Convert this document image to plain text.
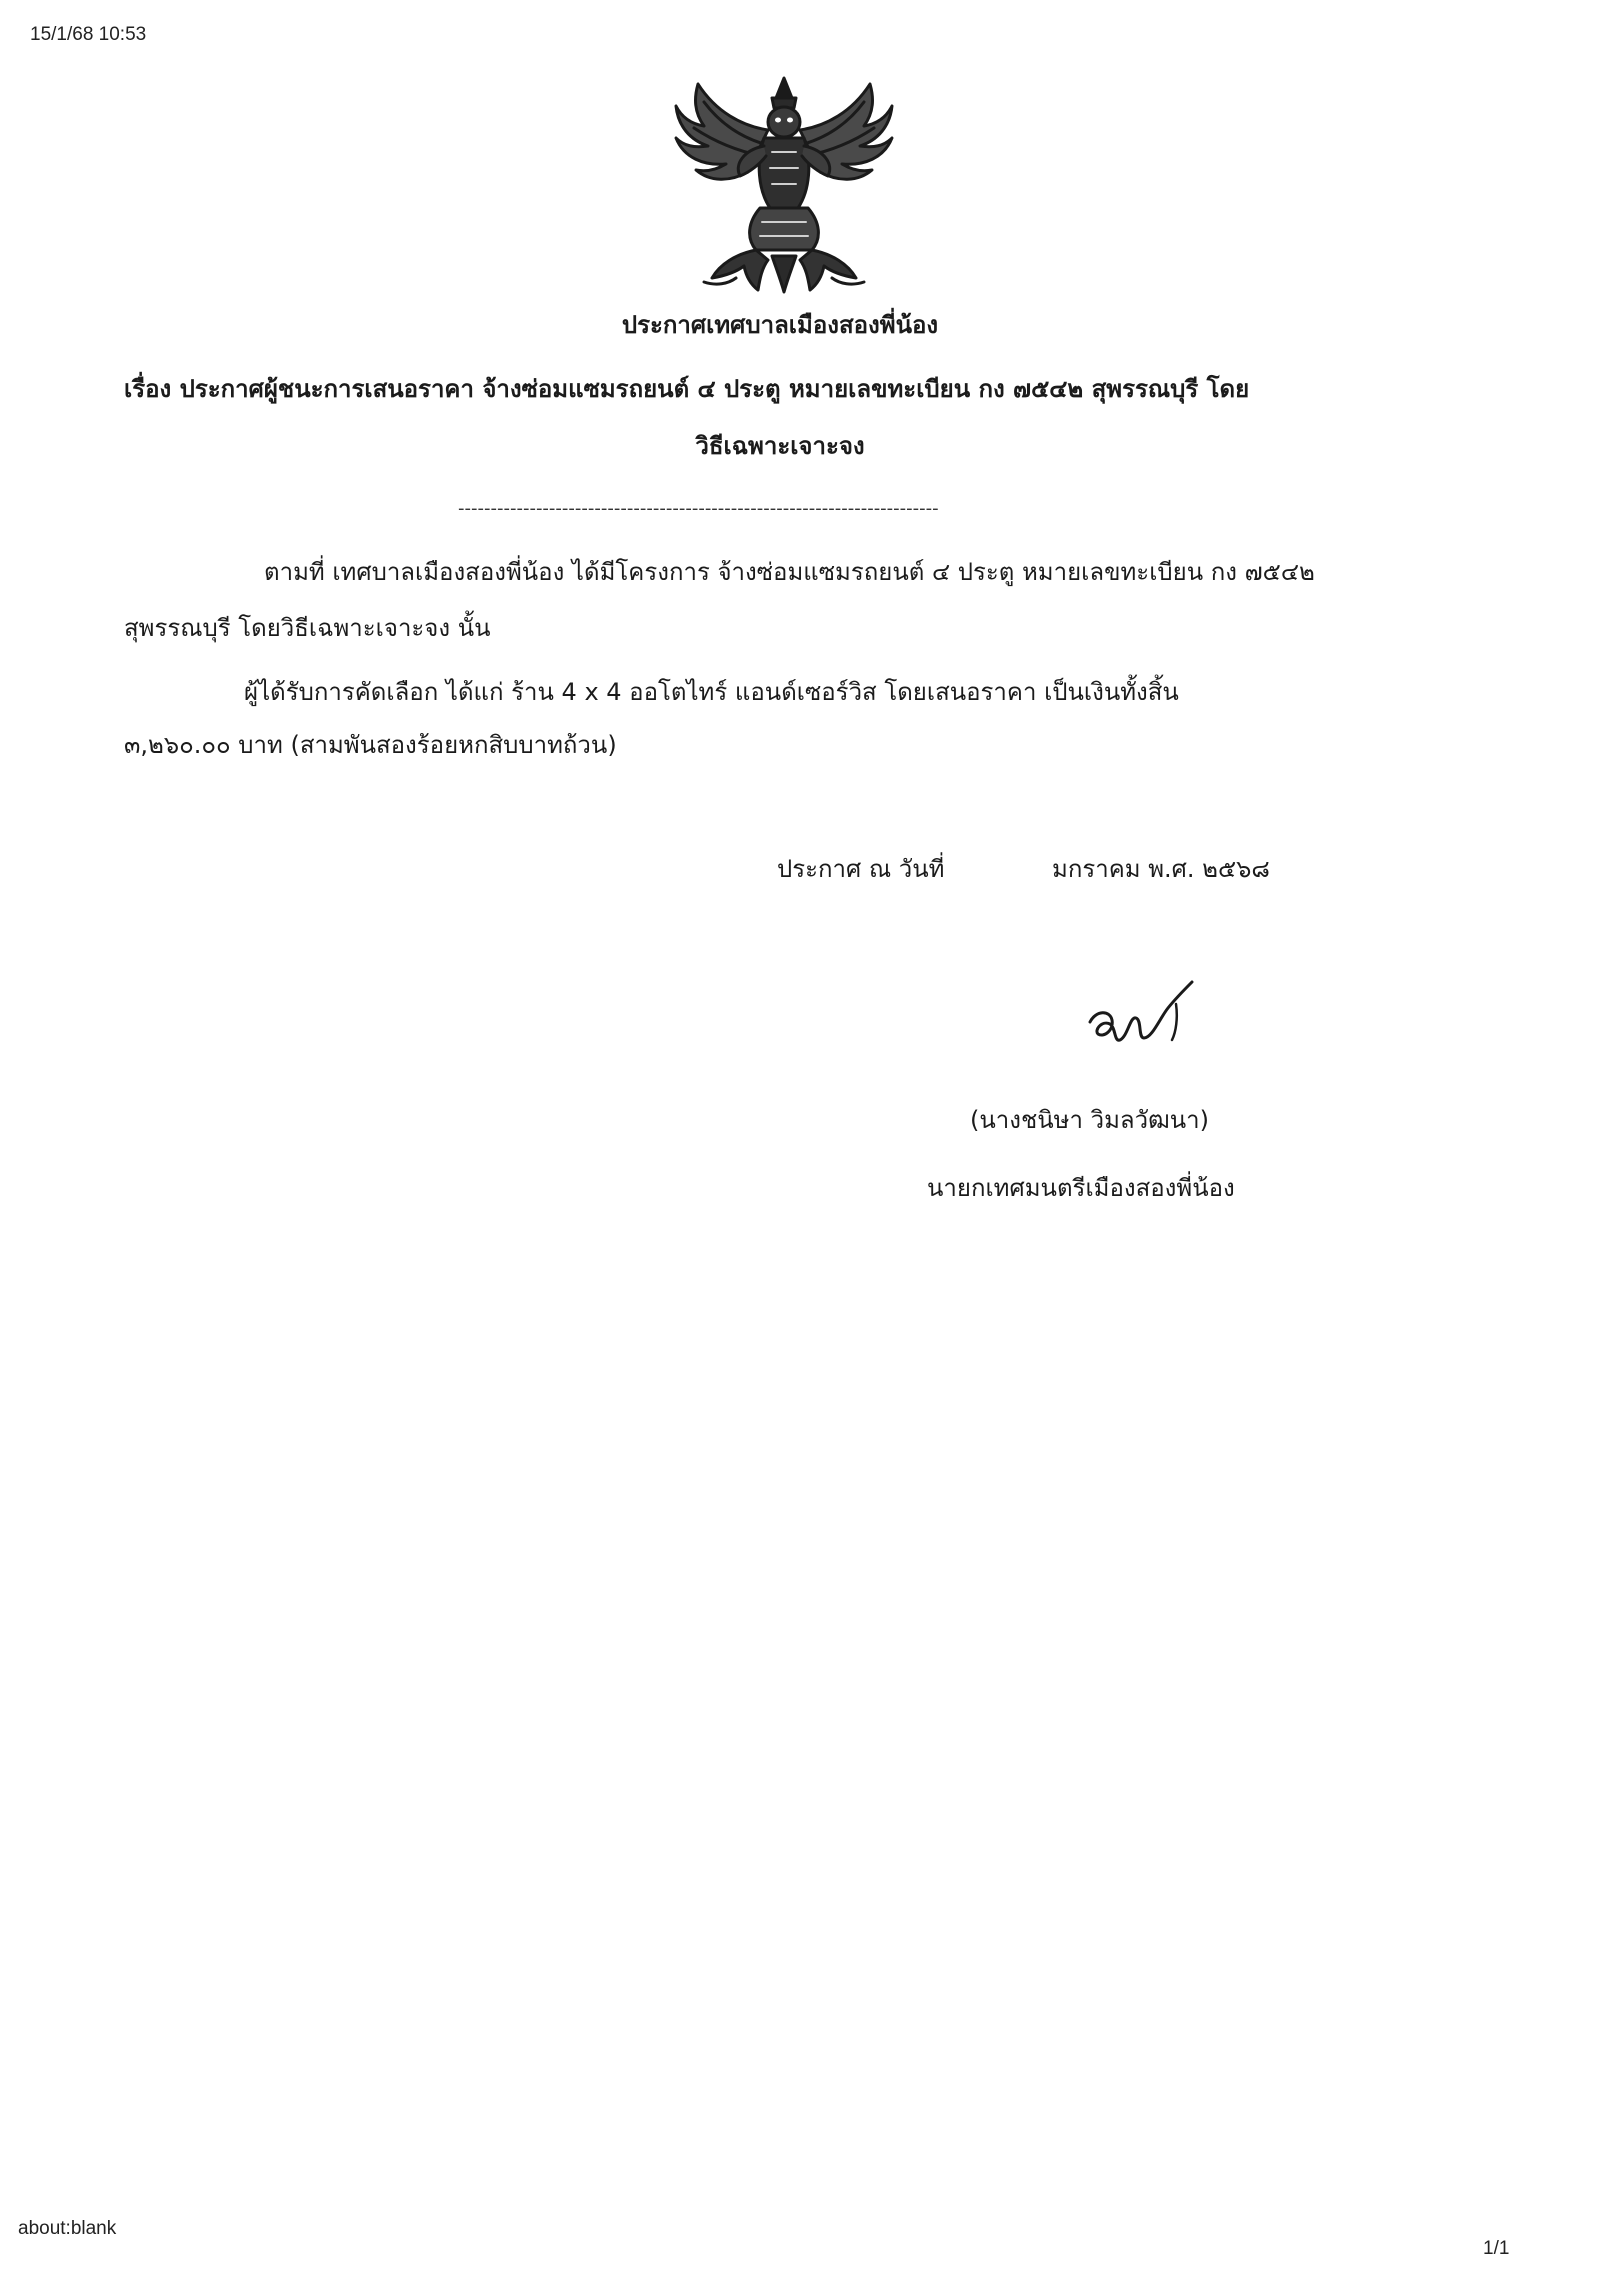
15/1/68 10:53
ประกาศเทศบาลเมืองสองพี่น้อง
เรื่อง ประกาศผู้ชนะการเสนอราคา จ้างซ่อมแซมรถยนต์ ๔ ประตู หมายเลขทะเบียน กง ๗๕๔๒ สุพรรณบุรี โดย
วิธีเฉพาะเจาะจง
--------------------------------------------------------------------------
ตามที่ เทศบาลเมืองสองพี่น้อง ได้มีโครงการ จ้างซ่อมแซมรถยนต์ ๔ ประตู หมายเลขทะเบียน กง ๗๕๔๒
สุพรรณบุรี โดยวิธีเฉพาะเจาะจง นั้น
ผู้ได้รับการคัดเลือก ได้แก่ ร้าน 4 x 4 ออโตไทร์ แอนด์เซอร์วิส โดยเสนอราคา เป็นเงินทั้งสิ้น
๓,๒๖๐.๐๐ บาท (สามพันสองร้อยหกสิบบาทถ้วน)
ประกาศ ณ วันที่	มกราคม พ.ศ. ๒๕๖๘
(นางชนิษา วิมลวัฒนา)
นายกเทศมนตรีเมืองสองพี่น้อง
about:blank
1/1
